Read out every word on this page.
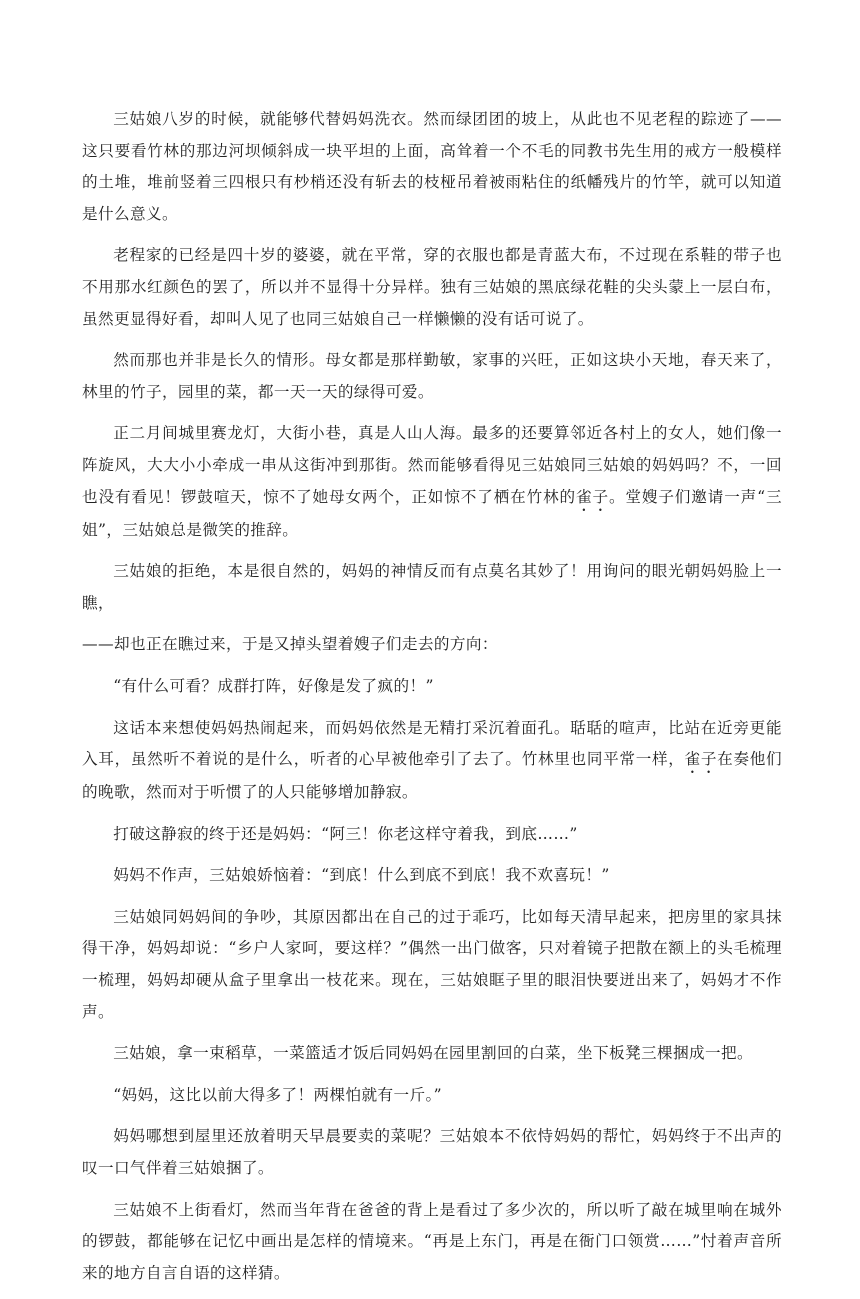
三姑娘八岁的时候，就能够代替妈妈洗衣。然而绿团团的坡上，从此也不见老程的踪迹了——这只要看竹林的那边河坝倾斜成一块平坦的上面，高耸着一个不毛的同教书先生用的戒方一般模样的土堆，堆前竖着三四根只有杪梢还没有斩去的枝桠吊着被雨粘住的纸幡残片的竹竿，就可以知道是什么意义。

老程家的已经是四十岁的婆婆，就在平常，穿的衣服也都是青蓝大布，不过现在系鞋的带子也不用那水红颜色的罢了，所以并不显得十分异样。独有三姑娘的黑底绿花鞋的尖头蒙上一层白布，虽然更显得好看，却叫人见了也同三姑娘自己一样懒懒的没有话可说了。

然而那也并非是长久的情形。母女都是那样勤敏，家事的兴旺，正如这块小天地，春天来了，林里的竹子，园里的菜，都一天一天的绿得可爱。

正二月间城里赛龙灯，大街小巷，真是人山人海。最多的还要算邻近各村上的女人，她们像一阵旋风，大大小小牵成一串从这街冲到那街。然而能够看得见三姑娘同三姑娘的妈妈吗？不，一回也没有看见！锣鼓喧天，惊不了她母女两个，正如惊不了栖在竹林的雀子。堂嫂子们邀请一声“三姐”，三姑娘总是微笑的推辞。

三姑娘的拒绝，本是很自然的，妈妈的神情反而有点莫名其妙了！用询问的眼光朝妈妈脸上一瞧，

——却也正在瞧过来，于是又掉头望着嫂子们走去的方向：

“有什么可看？成群打阵，好像是发了疯的！”

这话本来想使妈妈热闹起来，而妈妈依然是无精打采沉着面孔。聒聒的喧声，比站在近旁更能入耳，虽然听不着说的是什么，听者的心早被他牵引了去了。竹林里也同平常一样，雀子在奏他们的晚歌，然而对于听惯了的人只能够增加静寂。

打破这静寂的终于还是妈妈：“阿三！你老这样守着我，到底……”

妈妈不作声，三姑娘娇恼着：“到底！什么到底不到底！我不欢喜玩！”

三姑娘同妈妈间的争吵，其原因都出在自己的过于乖巧，比如每天清早起来，把房里的家具抹得干净，妈妈却说：“乡户人家呵，要这样？”偶然一出门做客，只对着镜子把散在额上的头毛梳理一梳理，妈妈却硬从盒子里拿出一枝花来。现在，三姑娘眶子里的眼泪快要迸出来了，妈妈才不作声。

三姑娘，拿一束稻草，一菜篮适才饭后同妈妈在园里割回的白菜，坐下板凳三棵捆成一把。

“妈妈，这比以前大得多了！两棵怕就有一斤。”

妈妈哪想到屋里还放着明天早晨要卖的菜呢？三姑娘本不依恃妈妈的帮忙，妈妈终于不出声的叹一口气伴着三姑娘捆了。

三姑娘不上街看灯，然而当年背在爸爸的背上是看过了多少次的，所以听了敲在城里响在城外的锣鼓，都能够在记忆中画出是怎样的情境来。“再是上东门，再是在衙门口领赏……”忖着声音所来的地方自言自语的这样猜。
